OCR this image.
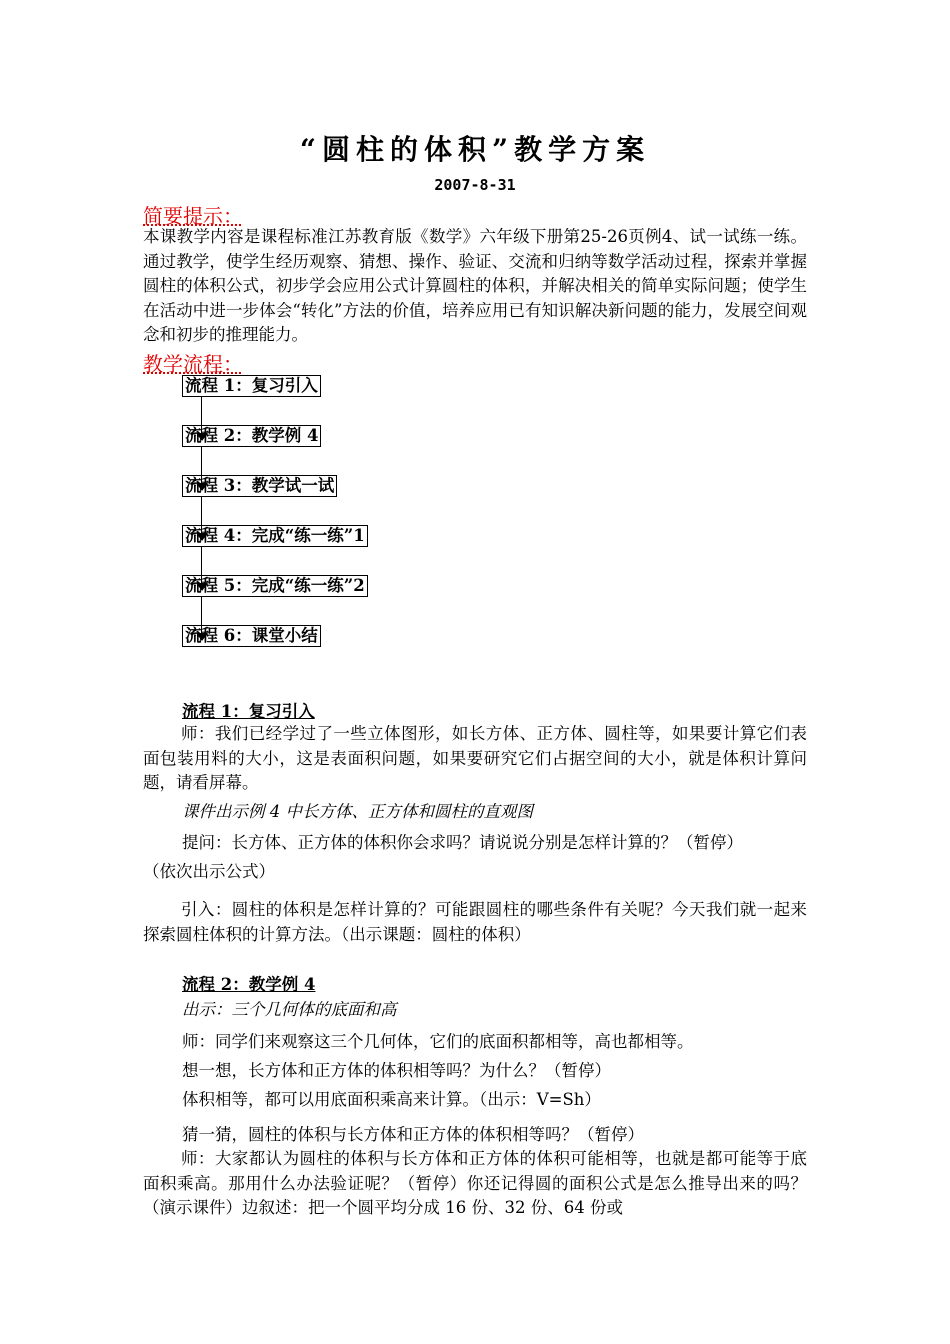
“圆柱的体积”教学方案
2007-8-31
简要提示：
本课教学内容是课程标准江苏教育版《数学》六年级下册第25-26页例4、试一试练一练。通过教学，使学生经历观察、猜想、操作、验证、交流和归纳等数学活动过程，探索并掌握圆柱的体积公式，初步学会应用公式计算圆柱的体积，并解决相关的简单实际问题；使学生在活动中进一步体会“转化”方法的价值，培养应用已有知识解决新问题的能力，发展空间观念和初步的推理能力。
教学流程：
流程 1：复习引入
流程 2：教学例 4
流程 3：教学试一试
流程 4：完成“练一练”1
流程 5：完成“练一练”2
流程 6：课堂小结
流程 1：复习引入
师：我们已经学过了一些立体图形，如长方体、正方体、圆柱等，如果要计算它们表面包装用料的大小，这是表面积问题，如果要研究它们占据空间的大小，就是体积计算问题，请看屏幕。
课件出示例 4 中长方体、正方体和圆柱的直观图
提问：长方体、正方体的体积你会求吗？请说说分别是怎样计算的？（暂停）
（依次出示公式）
引入：圆柱的体积是怎样计算的？可能跟圆柱的哪些条件有关呢？今天我们就一起来探索圆柱体积的计算方法。（出示课题：圆柱的体积）
流程 2：教学例 4
出示：三个几何体的底面和高
师：同学们来观察这三个几何体，它们的底面积都相等，高也都相等。
想一想，长方体和正方体的体积相等吗？为什么？（暂停）
体积相等，都可以用底面积乘高来计算。（出示：V=Sh）
猜一猜，圆柱的体积与长方体和正方体的体积相等吗？（暂停）
师：大家都认为圆柱的体积与长方体和正方体的体积可能相等，也就是都可能等于底面积乘高。那用什么办法验证呢？（暂停）你还记得圆的面积公式是怎么推导出来的吗？（演示课件）边叙述：把一个圆平均分成 16 份、32 份、64 份或
